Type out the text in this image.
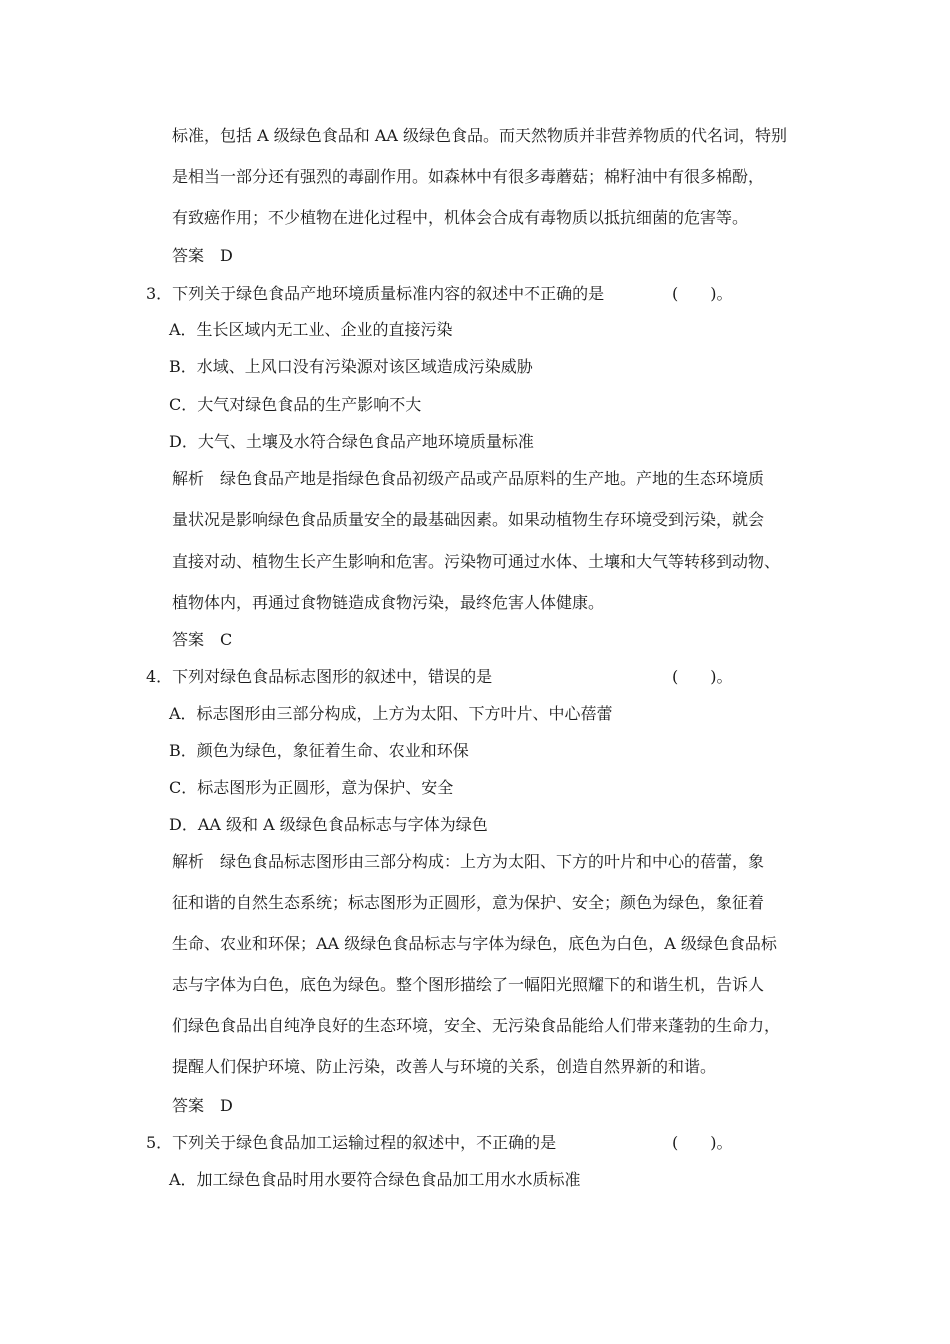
标准，包括 A 级绿色食品和 AA 级绿色食品。而天然物质并非营养物质的代名词，特别
是相当一部分还有强烈的毒副作用。如森林中有很多毒蘑菇；棉籽油中有很多棉酚，
有致癌作用；不少植物在进化过程中，机体会合成有毒物质以抵抗细菌的危害等。
答案　D
3．下列关于绿色食品产地环境质量标准内容的叙述中不正确的是	(　　)。
A．生长区域内无工业、企业的直接污染
B．水域、上风口没有污染源对该区域造成污染威胁
C．大气对绿色食品的生产影响不大
D．大气、土壤及水符合绿色食品产地环境质量标准
解析　绿色食品产地是指绿色食品初级产品或产品原料的生产地。产地的生态环境质
量状况是影响绿色食品质量安全的最基础因素。如果动植物生存环境受到污染，就会
直接对动、植物生长产生影响和危害。污染物可通过水体、土壤和大气等转移到动物、
植物体内，再通过食物链造成食物污染，最终危害人体健康。
答案　C
4．下列对绿色食品标志图形的叙述中，错误的是	(　　)。
A．标志图形由三部分构成，上方为太阳、下方叶片、中心蓓蕾
B．颜色为绿色，象征着生命、农业和环保
C．标志图形为正圆形，意为保护、安全
D．AA 级和 A 级绿色食品标志与字体为绿色
解析　绿色食品标志图形由三部分构成：上方为太阳、下方的叶片和中心的蓓蕾，象
征和谐的自然生态系统；标志图形为正圆形，意为保护、安全；颜色为绿色，象征着
生命、农业和环保；AA 级绿色食品标志与字体为绿色，底色为白色，A 级绿色食品标
志与字体为白色，底色为绿色。整个图形描绘了一幅阳光照耀下的和谐生机，告诉人
们绿色食品出自纯净良好的生态环境，安全、无污染食品能给人们带来蓬勃的生命力，
提醒人们保护环境、防止污染，改善人与环境的关系，创造自然界新的和谐。
答案　D
5．下列关于绿色食品加工运输过程的叙述中，不正确的是	(　　)。
A．加工绿色食品时用水要符合绿色食品加工用水水质标准
